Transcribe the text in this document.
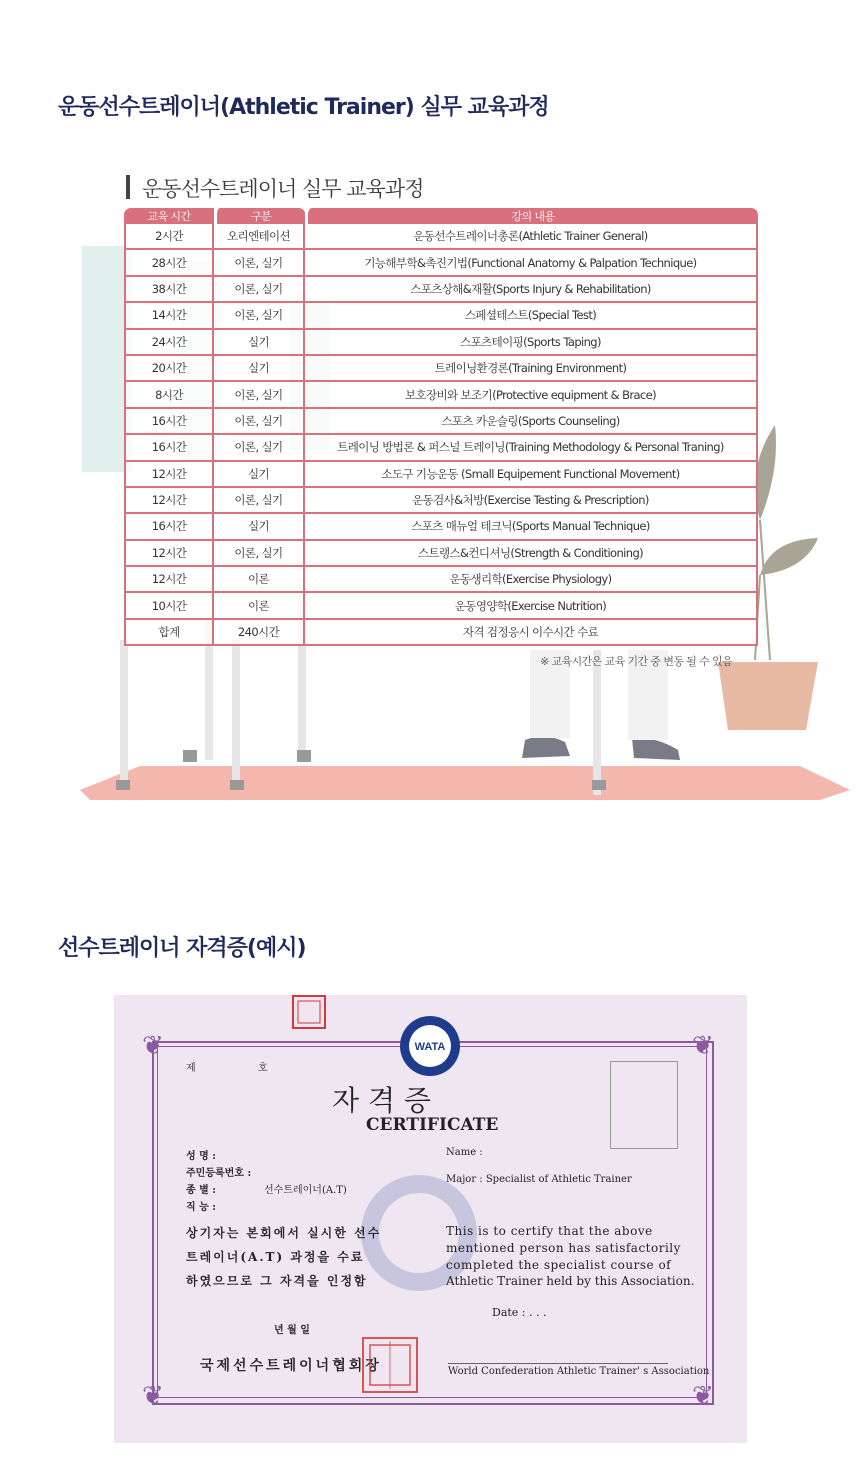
운동선수트레이너(Athletic Trainer) 실무 교육과정
운동선수트레이너 실무 교육과정
교육 시간	구분	강의 내용
2시간	오리엔테이션	운동선수트레이너총론(Athletic Trainer General)
28시간	이론, 실기	기능해부학&촉진기법(Functional Anatomy & Palpation Technique)
38시간	이론, 실기	스포츠상해&재활(Sports Injury & Rehabilitation)
14시간	이론, 실기	스페셜테스트(Special Test)
24시간	실기	스포츠테이핑(Sports Taping)
20시간	실기	트레이닝환경론(Training Environment)
8시간	이론, 실기	보호장비와 보조기(Protective equipment & Brace)
16시간	이론, 실기	스포츠 카운슬링(Sports Counseling)
16시간	이론, 실기	트레이닝 방법론 & 퍼스널 트레이닝(Training Methodology & Personal Traning)
12시간	실기	소도구 기능운동 (Small Equipement Functional Movement)
12시간	이론, 실기	운동검사&처방(Exercise Testing & Prescription)
16시간	실기	스포츠 매뉴얼 테크닉(Sports Manual Technique)
12시간	이론, 실기	스트랭스&컨디셔닝(Strength & Conditioning)
12시간	이론	운동생리학(Exercise Physiology)
10시간	이론	운동영양학(Exercise Nutrition)
합계	240시간	자격 검정응시 이수시간 수료
※ 교육시간은 교육 기간 중 변동 될 수 있음
선수트레이너 자격증(예시)
❦	❦
❦	❦
WATA
제	호
자 격 증
CERTIFICATE
성 명 :
주민등록번호 :
종 별 :	선수트레이너(A.T)
직 능 :
Name :
Major : Specialist of Athletic Trainer
상기자는 본회에서 실시한 선수
트레이너(A.T) 과정을 수료
하였으므로 그 자격을 인정함
This is to certify that the above
mentioned person has satisfactorily
completed the specialist course of
Athletic Trainer held by this Association.
Date : . . .
년 월 일
국제선수트레이너협회장	World Confederation Athletic Trainer' s Association
